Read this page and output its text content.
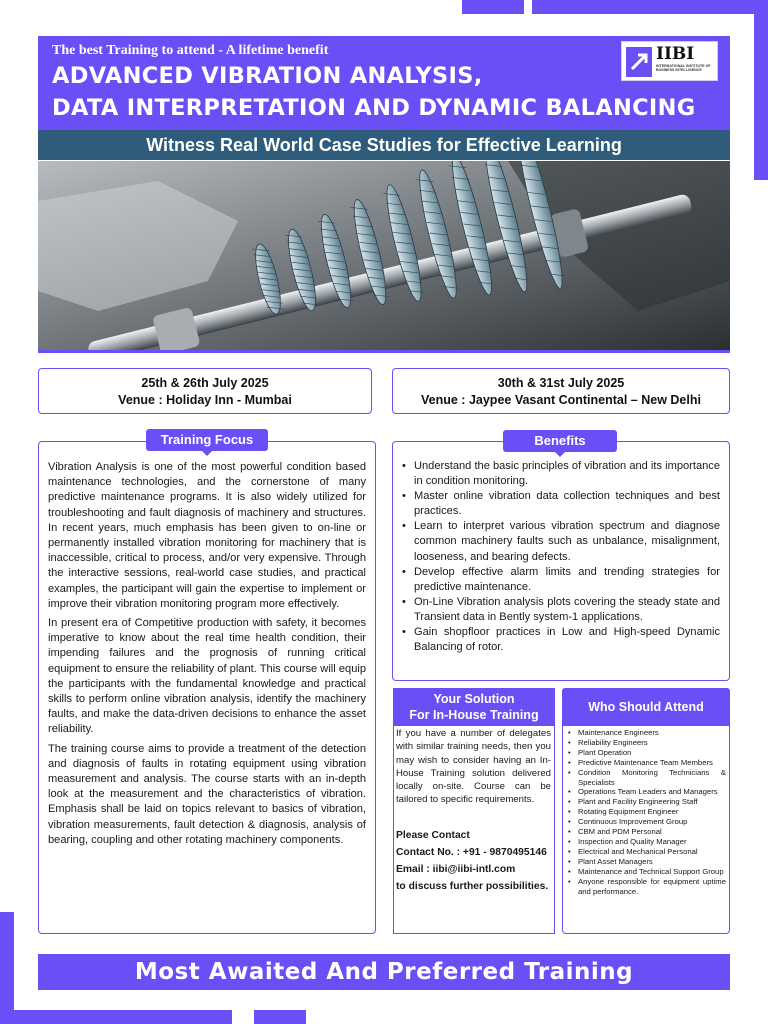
The best Training to attend - A lifetime benefit
ADVANCED VIBRATION ANALYSIS,
DATA INTERPRETATION AND DYNAMIC BALANCING
IIBI
INTERNATIONAL INSTITUTE OF BUSINESS INTELLIGENCE
Witness Real World Case Studies for Effective Learning
25th & 26th July 2025
Venue : Holiday Inn - Mumbai
30th & 31st July 2025
Venue : Jaypee Vasant Continental – New Delhi
Training Focus

Vibration Analysis is one of the most powerful condition based maintenance technologies, and the cornerstone of many predictive maintenance programs. It is also widely utilized for troubleshooting and fault diagnosis of machinery and structures. In recent years, much emphasis has been given to on-line or permanently installed vibration monitoring for machinery that is inaccessible, critical to process, and/or very expensive. Through the interactive sessions, real-world case studies, and practical examples, the participant will gain the expertise to implement or improve their vibration monitoring program more effectively.

In present era of Competitive production with safety, it becomes imperative to know about the real time health condition, their impending failures and the prognosis of running critical equipment to ensure the reliability of plant. This course will equip the participants with the fundamental knowledge and practical skills to perform online vibration analysis, identify the machinery faults, and make the data-driven decisions to enhance the asset reliability.

The training course aims to provide a treatment of the detection and diagnosis of faults in rotating equipment using vibration measurement and analysis. The course starts with an in-depth look at the measurement and the characteristics of vibration. Emphasis shall be laid on topics relevant to basics of vibration, vibration measurements, fault detection & diagnosis, analysis of bearing, coupling and other rotating machinery components.

Benefits
• Understand the basic principles of vibration and its importance in condition monitoring.
• Master online vibration data collection techniques and best practices.
• Learn to interpret various vibration spectrum and diagnose common machinery faults such as unbalance, misalignment, looseness, and bearing defects.
• Develop effective alarm limits and trending strategies for predictive maintenance.
• On-Line Vibration analysis plots covering the steady state and Transient data in Bently system-1 applications.
• Gain shopfloor practices in Low and High-speed Dynamic Balancing of rotor.
Your Solution
For In-House Training
If you have a number of delegates with similar training needs, then you may wish to consider having an In-House Training solution delivered locally on-site. Course can be tailored to specific requirements.
Please Contact
Contact No. : +91 - 9870495146
Email : iibi@iibi-intl.com
to discuss further possibilities.
Who Should Attend
• Maintenance Engineers
• Reliability Engineers
• Plant Operation
• Predictive Maintenance Team Members
• Condition Monitoring Technicians & Specialists
• Operations Team Leaders and Managers
• Plant and Facility Engineering Staff
• Rotating Equipment Engineer
• Continuous Improvement Group
• CBM and PDM Personal
• Inspection and Quality Manager
• Electrical and Mechanical Personal
• Plant Asset Managers
• Maintenance and Technical Support Group
• Anyone responsible for equipment uptime and performance.
Most Awaited And Preferred Training
